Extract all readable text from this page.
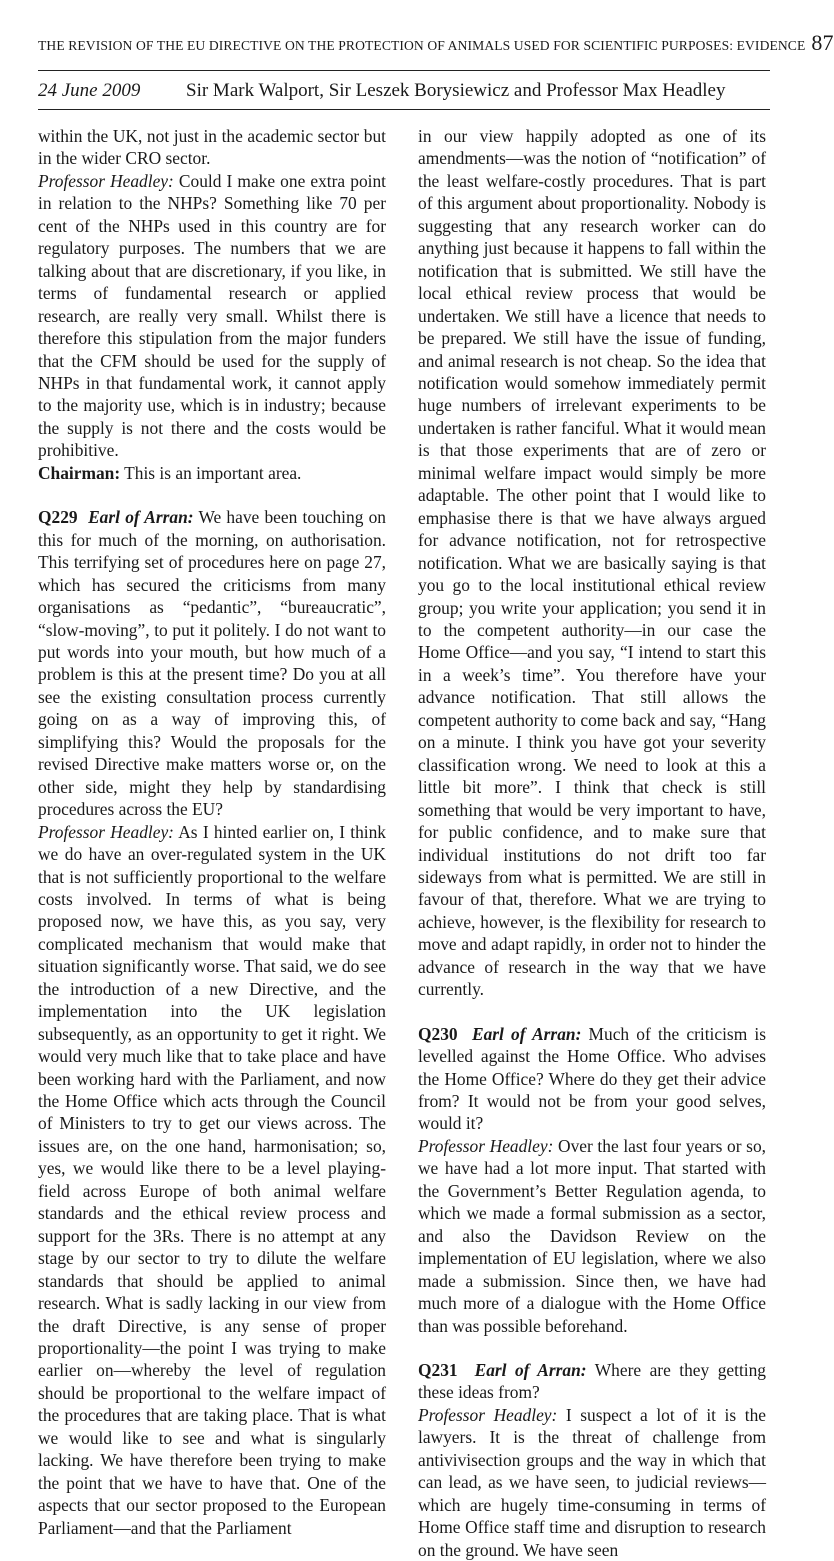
THE REVISION OF THE EU DIRECTIVE ON THE PROTECTION OF ANIMALS USED FOR SCIENTIFIC PURPOSES: EVIDENCE 87
24 June 2009	Sir Mark Walport, Sir Leszek Borysiewicz and Professor Max Headley

within the UK, not just in the academic sector but in the wider CRO sector.

Professor Headley: Could I make one extra point in relation to the NHPs? Something like 70 per cent of the NHPs used in this country are for regulatory purposes. The numbers that we are talking about that are discretionary, if you like, in terms of fundamental research or applied research, are really very small. Whilst there is therefore this stipulation from the major funders that the CFM should be used for the supply of NHPs in that fundamental work, it cannot apply to the majority use, which is in industry; because the supply is not there and the costs would be prohibitive.

Chairman: This is an important area.

Q229 Earl of Arran: We have been touching on this for much of the morning, on authorisation. This terrifying set of procedures here on page 27, which has secured the criticisms from many organisations as “pedantic”, “bureaucratic”, “slow-moving”, to put it politely. I do not want to put words into your mouth, but how much of a problem is this at the present time? Do you at all see the existing consultation process currently going on as a way of improving this, of simplifying this? Would the proposals for the revised Directive make matters worse or, on the other side, might they help by standardising procedures across the EU?

Professor Headley: As I hinted earlier on, I think we do have an over-regulated system in the UK that is not sufficiently proportional to the welfare costs involved. In terms of what is being proposed now, we have this, as you say, very complicated mechanism that would make that situation significantly worse. That said, we do see the introduction of a new Directive, and the implementation into the UK legislation subsequently, as an opportunity to get it right. We would very much like that to take place and have been working hard with the Parliament, and now the Home Office which acts through the Council of Ministers to try to get our views across. The issues are, on the one hand, harmonisation; so, yes, we would like there to be a level playing-field across Europe of both animal welfare standards and the ethical review process and support for the 3Rs. There is no attempt at any stage by our sector to try to dilute the welfare standards that should be applied to animal research. What is sadly lacking in our view from the draft Directive, is any sense of proper proportionality—the point I was trying to make earlier on—whereby the level of regulation should be proportional to the welfare impact of the procedures that are taking place. That is what we would like to see and what is singularly lacking. We have therefore been trying to make the point that we have to have that. One of the aspects that our sector proposed to the European Parliament—and that the Parliament

in our view happily adopted as one of its amendments—was the notion of “notification” of the least welfare-costly procedures. That is part of this argument about proportionality. Nobody is suggesting that any research worker can do anything just because it happens to fall within the notification that is submitted. We still have the local ethical review process that would be undertaken. We still have a licence that needs to be prepared. We still have the issue of funding, and animal research is not cheap. So the idea that notification would somehow immediately permit huge numbers of irrelevant experiments to be undertaken is rather fanciful. What it would mean is that those experiments that are of zero or minimal welfare impact would simply be more adaptable. The other point that I would like to emphasise there is that we have always argued for advance notification, not for retrospective notification. What we are basically saying is that you go to the local institutional ethical review group; you write your application; you send it in to the competent authority—in our case the Home Office—and you say, “I intend to start this in a week’s time”. You therefore have your advance notification. That still allows the competent authority to come back and say, “Hang on a minute. I think you have got your severity classification wrong. We need to look at this a little bit more”. I think that check is still something that would be very important to have, for public confidence, and to make sure that individual institutions do not drift too far sideways from what is permitted. We are still in favour of that, therefore. What we are trying to achieve, however, is the flexibility for research to move and adapt rapidly, in order not to hinder the advance of research in the way that we have currently.

Q230 Earl of Arran: Much of the criticism is levelled against the Home Office. Who advises the Home Office? Where do they get their advice from? It would not be from your good selves, would it?

Professor Headley: Over the last four years or so, we have had a lot more input. That started with the Government’s Better Regulation agenda, to which we made a formal submission as a sector, and also the Davidson Review on the implementation of EU legislation, where we also made a submission. Since then, we have had much more of a dialogue with the Home Office than was possible beforehand.

Q231 Earl of Arran: Where are they getting these ideas from?

Professor Headley: I suspect a lot of it is the lawyers. It is the threat of challenge from antivivisection groups and the way in which that can lead, as we have seen, to judicial reviews—which are hugely time-consuming in terms of Home Office staff time and disruption to research on the ground. We have seen
